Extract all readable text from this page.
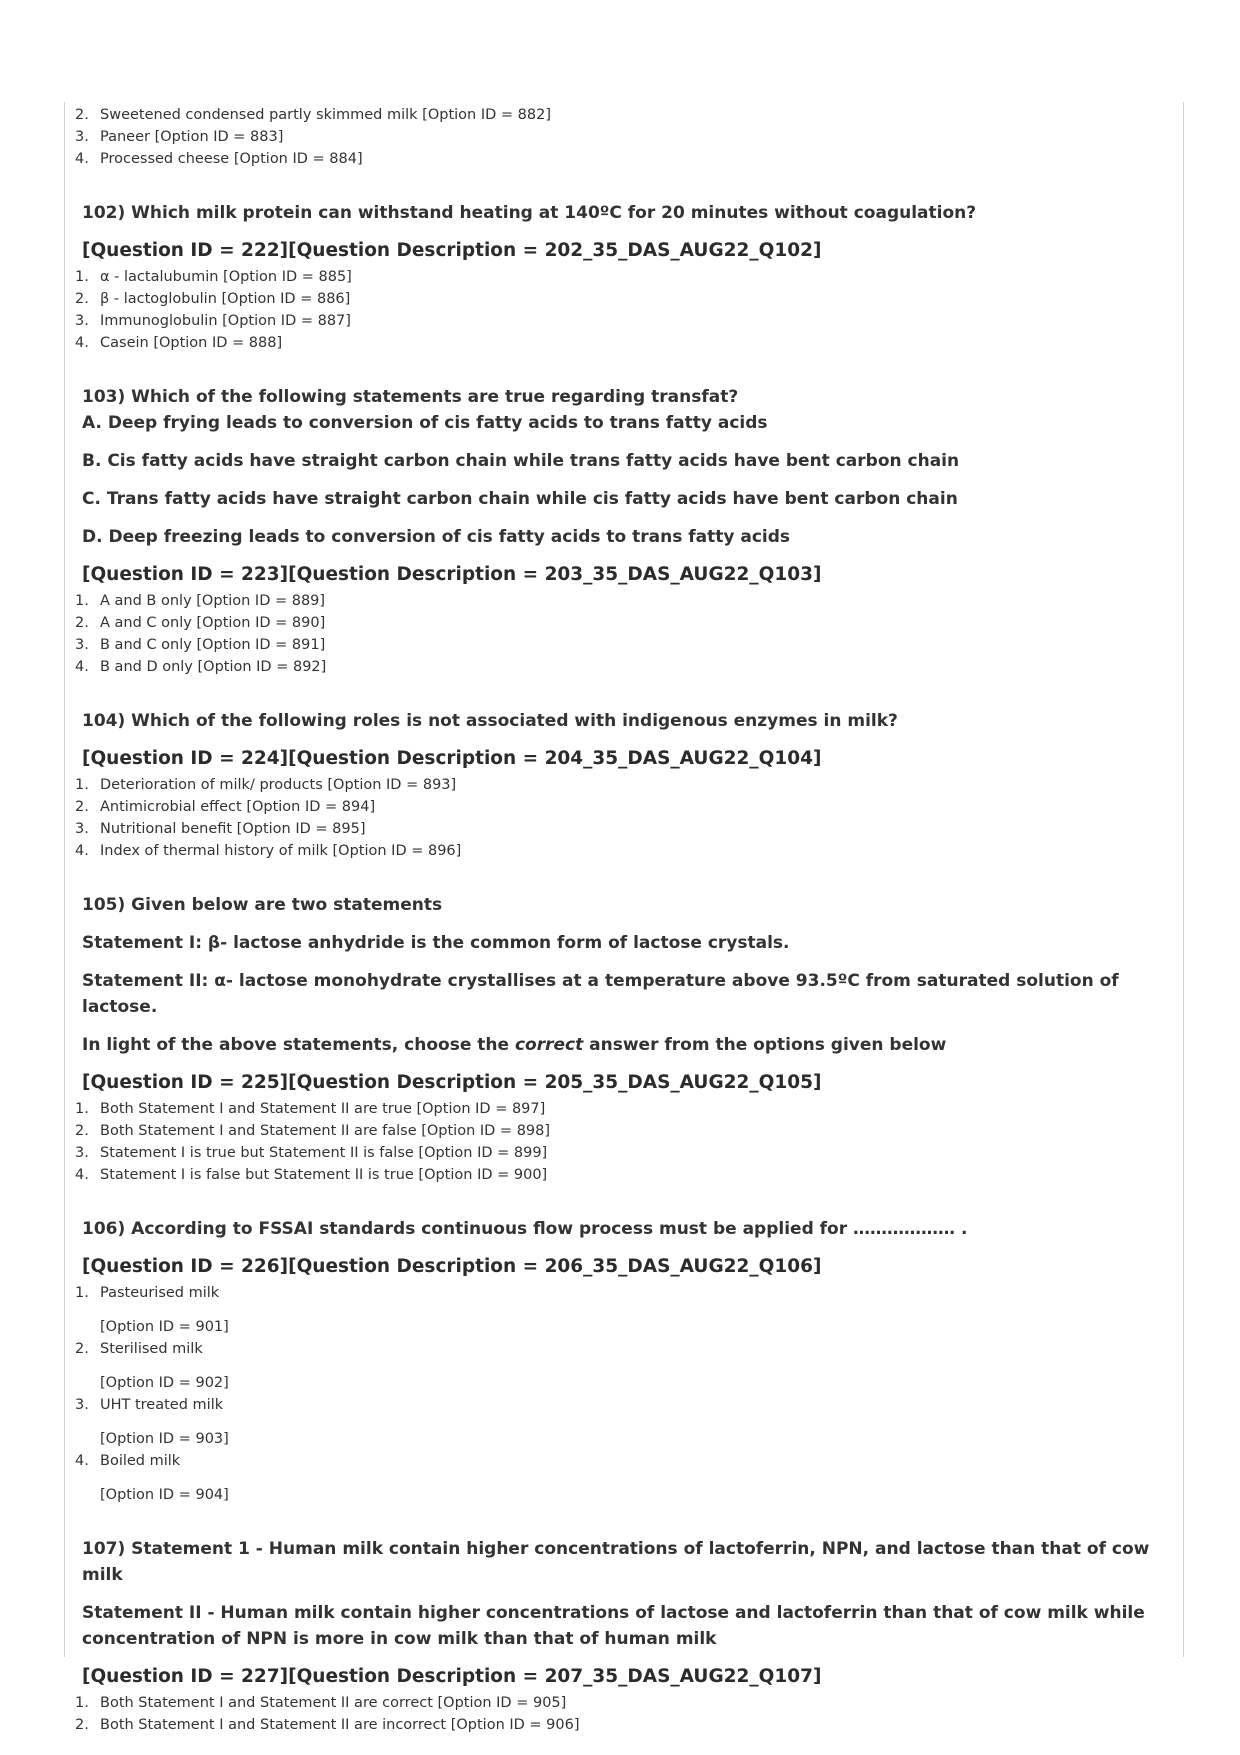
2. Sweetened condensed partly skimmed milk [Option ID = 882]
3. Paneer [Option ID = 883]
4. Processed cheese [Option ID = 884]
102) Which milk protein can withstand heating at 140ºC for 20 minutes without coagulation?
[Question ID = 222][Question Description = 202_35_DAS_AUG22_Q102]
1. α - lactalubumin [Option ID = 885]
2. β - lactoglobulin [Option ID = 886]
3. Immunoglobulin [Option ID = 887]
4. Casein [Option ID = 888]
103) Which of the following statements are true regarding transfat?
A. Deep frying leads to conversion of cis fatty acids to trans fatty acids
B. Cis fatty acids have straight carbon chain while trans fatty acids have bent carbon chain
C. Trans fatty acids have straight carbon chain while cis fatty acids have bent carbon chain
D. Deep freezing leads to conversion of cis fatty acids to trans fatty acids
[Question ID = 223][Question Description = 203_35_DAS_AUG22_Q103]
1. A and B only [Option ID = 889]
2. A and C only [Option ID = 890]
3. B and C only [Option ID = 891]
4. B and D only [Option ID = 892]
104) Which of the following roles is not associated with indigenous enzymes in milk?
[Question ID = 224][Question Description = 204_35_DAS_AUG22_Q104]
1. Deterioration of milk/ products [Option ID = 893]
2. Antimicrobial effect [Option ID = 894]
3. Nutritional benefit [Option ID = 895]
4. Index of thermal history of milk [Option ID = 896]
105) Given below are two statements
Statement I: β- lactose anhydride is the common form of lactose crystals.
Statement II: α- lactose monohydrate crystallises at a temperature above 93.5ºC from saturated solution of lactose.
In light of the above statements, choose the correct answer from the options given below
[Question ID = 225][Question Description = 205_35_DAS_AUG22_Q105]
1. Both Statement I and Statement II are true [Option ID = 897]
2. Both Statement I and Statement II are false [Option ID = 898]
3. Statement I is true but Statement II is false [Option ID = 899]
4. Statement I is false but Statement II is true [Option ID = 900]
106) According to FSSAI standards continuous flow process must be applied for ……………… .
[Question ID = 226][Question Description = 206_35_DAS_AUG22_Q106]
1. Pasteurised milk
[Option ID = 901]
2. Sterilised milk
[Option ID = 902]
3. UHT treated milk
[Option ID = 903]
4. Boiled milk
[Option ID = 904]
107) Statement 1 - Human milk contain higher concentrations of lactoferrin, NPN, and lactose than that of cow milk
Statement II - Human milk contain higher concentrations of lactose and lactoferrin than that of cow milk while
concentration of NPN is more in cow milk than that of human milk
[Question ID = 227][Question Description = 207_35_DAS_AUG22_Q107]
1. Both Statement I and Statement II are correct [Option ID = 905]
2. Both Statement I and Statement II are incorrect [Option ID = 906]
